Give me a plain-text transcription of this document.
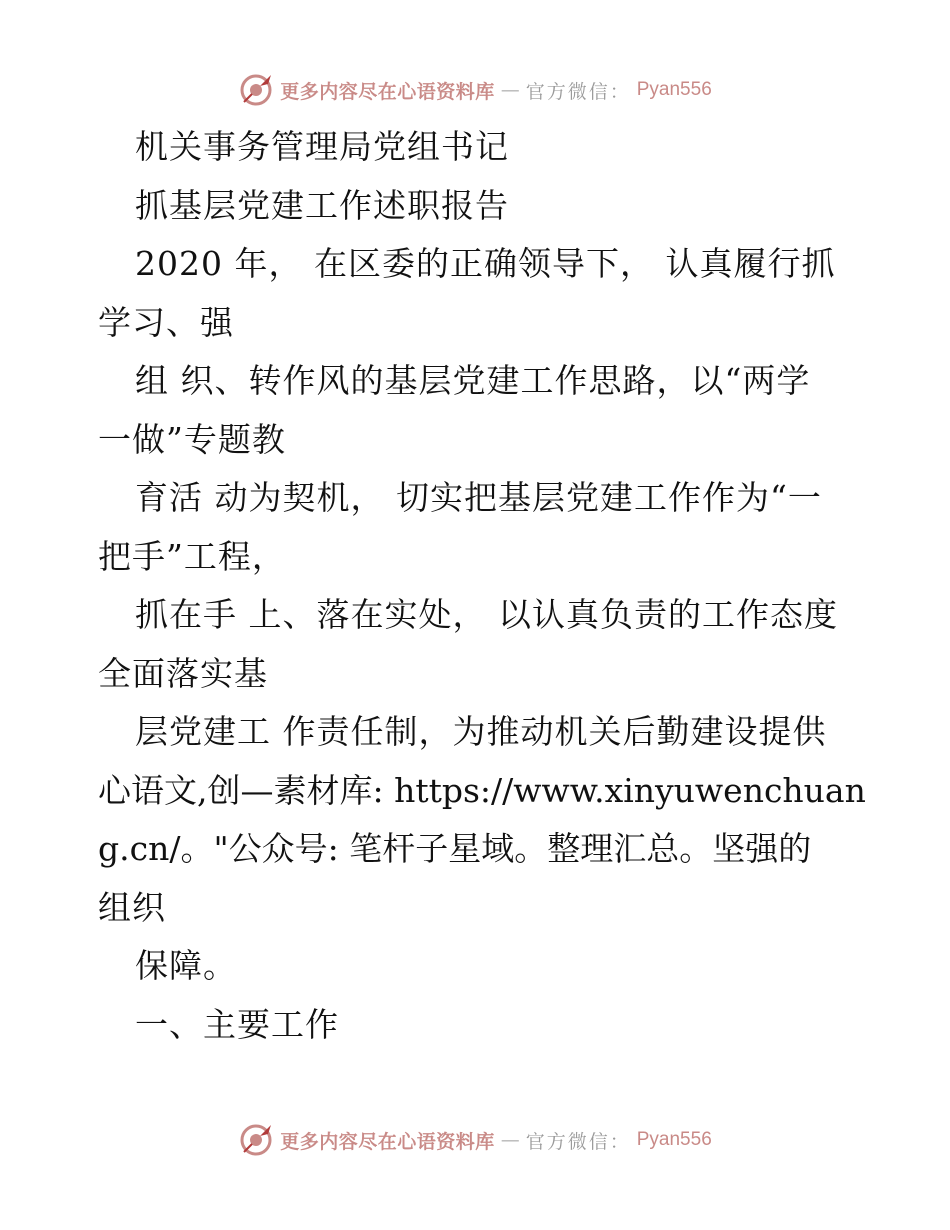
更多内容尽在心语资料库 — 官方微信： Pyan556
机关事务管理局党组书记
抓基层党建工作述职报告
2020 年， 在区委的正确领导下， 认真履行抓
学习、强
组 织、转作风的基层党建工作思路，以“两学
一做”专题教
育活 动为契机， 切实把基层党建工作作为“一
把手”工程，
抓在手 上、落在实处， 以认真负责的工作态度
全面落实基
层党建工 作责任制，为推动机关后勤建设提供
心语文,创—素材库: https://www.xinyuwenchuan
g.cn/。"公众号: 笔杆子星域。整理汇总。坚强的
组织
保障。
一、主要工作
更多内容尽在心语资料库 — 官方微信： Pyan556
